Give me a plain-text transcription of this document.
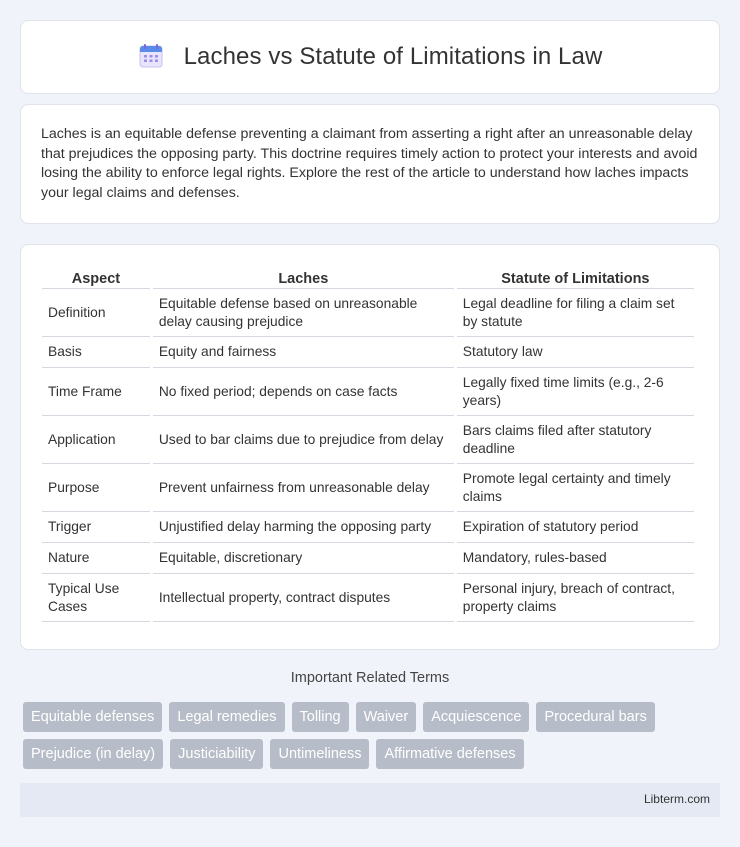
Laches vs Statute of Limitations in Law

Laches is an equitable defense preventing a claimant from asserting a right after an unreasonable delay that prejudices the opposing party. This doctrine requires timely action to protect your interests and avoid losing the ability to enforce legal rights. Explore the rest of the article to understand how laches impacts your legal claims and defenses.

Aspect	Laches	Statute of Limitations
Definition	Equitable defense based on unreasonable delay causing prejudice	Legal deadline for filing a claim set by statute
Basis	Equity and fairness	Statutory law
Time Frame	No fixed period; depends on case facts	Legally fixed time limits (e.g., 2-6 years)
Application	Used to bar claims due to prejudice from delay	Bars claims filed after statutory deadline
Purpose	Prevent unfairness from unreasonable delay	Promote legal certainty and timely claims
Trigger	Unjustified delay harming the opposing party	Expiration of statutory period
Nature	Equitable, discretionary	Mandatory, rules-based
Typical Use Cases	Intellectual property, contract disputes	Personal injury, breach of contract, property claims
Important Related Terms
Equitable defenses	Legal remedies	Tolling	Waiver	Acquiescence	Procedural bars
Prejudice (in delay)	Justiciability	Untimeliness	Affirmative defenses
Libterm.com
